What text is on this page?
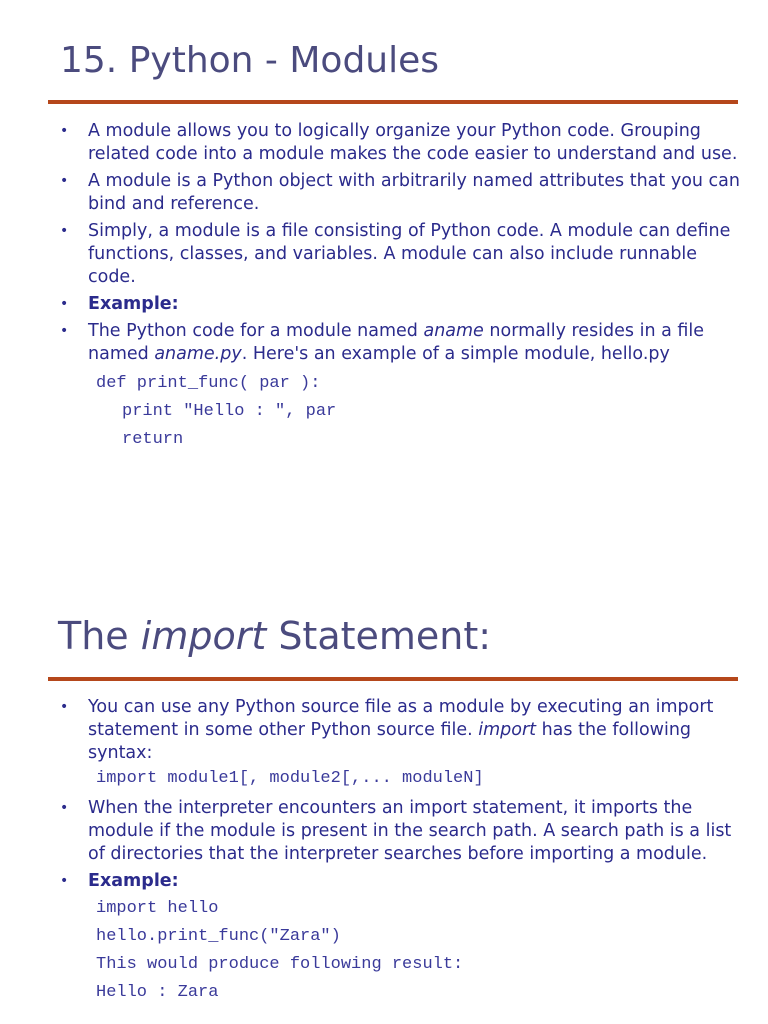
15. Python - Modules
• A module allows you to logically organize your Python code. Grouping related code into a module makes the code easier to understand and use.
• A module is a Python object with arbitrarily named attributes that you can bind and reference.
• Simply, a module is a file consisting of Python code. A module can define functions, classes, and variables. A module can also include runnable code.
• Example:
• The Python code for a module named aname normally resides in a file named aname.py. Here's an example of a simple module, hello.py
def print_func( par ):
print "Hello : ", par
return
The import Statement:
• You can use any Python source file as a module by executing an import statement in some other Python source file. import has the following syntax:
import module1[, module2[,... moduleN]
• When the interpreter encounters an import statement, it imports the module if the module is present in the search path. A search path is a list of directories that the interpreter searches before importing a module.
• Example:
import hello
hello.print_func("Zara")
This would produce following result:
Hello : Zara
